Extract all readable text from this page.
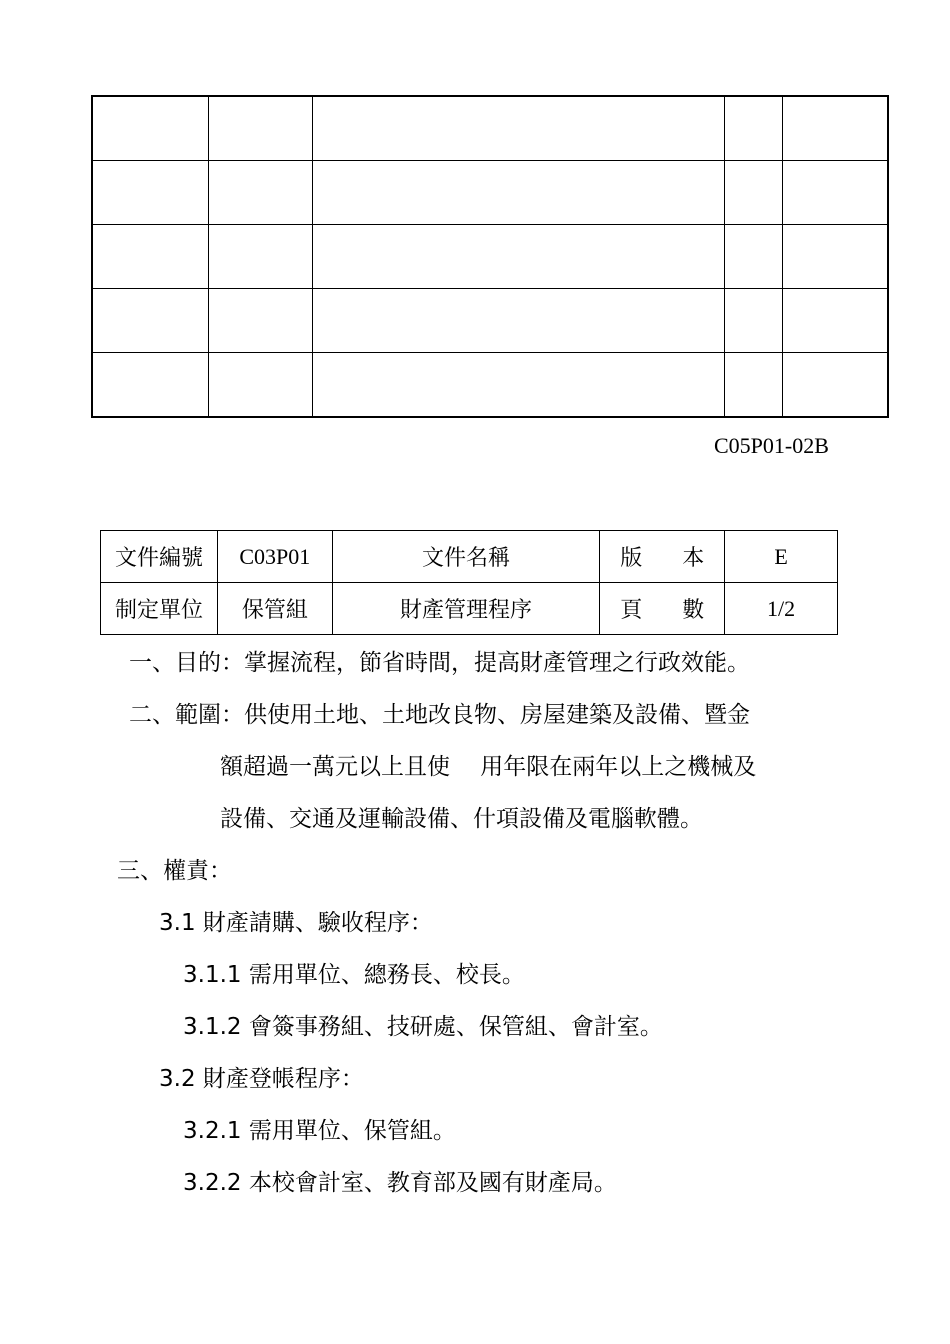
C05P01-02B
文件編號	C03P01	文件名稱	版 本	E
制定單位	保管組	財產管理程序	頁 數	1/2
一、目的：掌握流程，節省時間，提高財產管理之行政效能。
二、範圍：供使用土地、土地改良物、房屋建築及設備、暨金
額超過一萬元以上且使　 用年限在兩年以上之機械及
設備、交通及運輸設備、什項設備及電腦軟體。
三、權責：
3.1 財產請購、驗收程序：
3.1.1 需用單位、總務長、校長。
3.1.2 會簽事務組、技研處、保管組、會計室。
3.2 財產登帳程序：
3.2.1 需用單位、保管組。
3.2.2 本校會計室、教育部及國有財產局。
